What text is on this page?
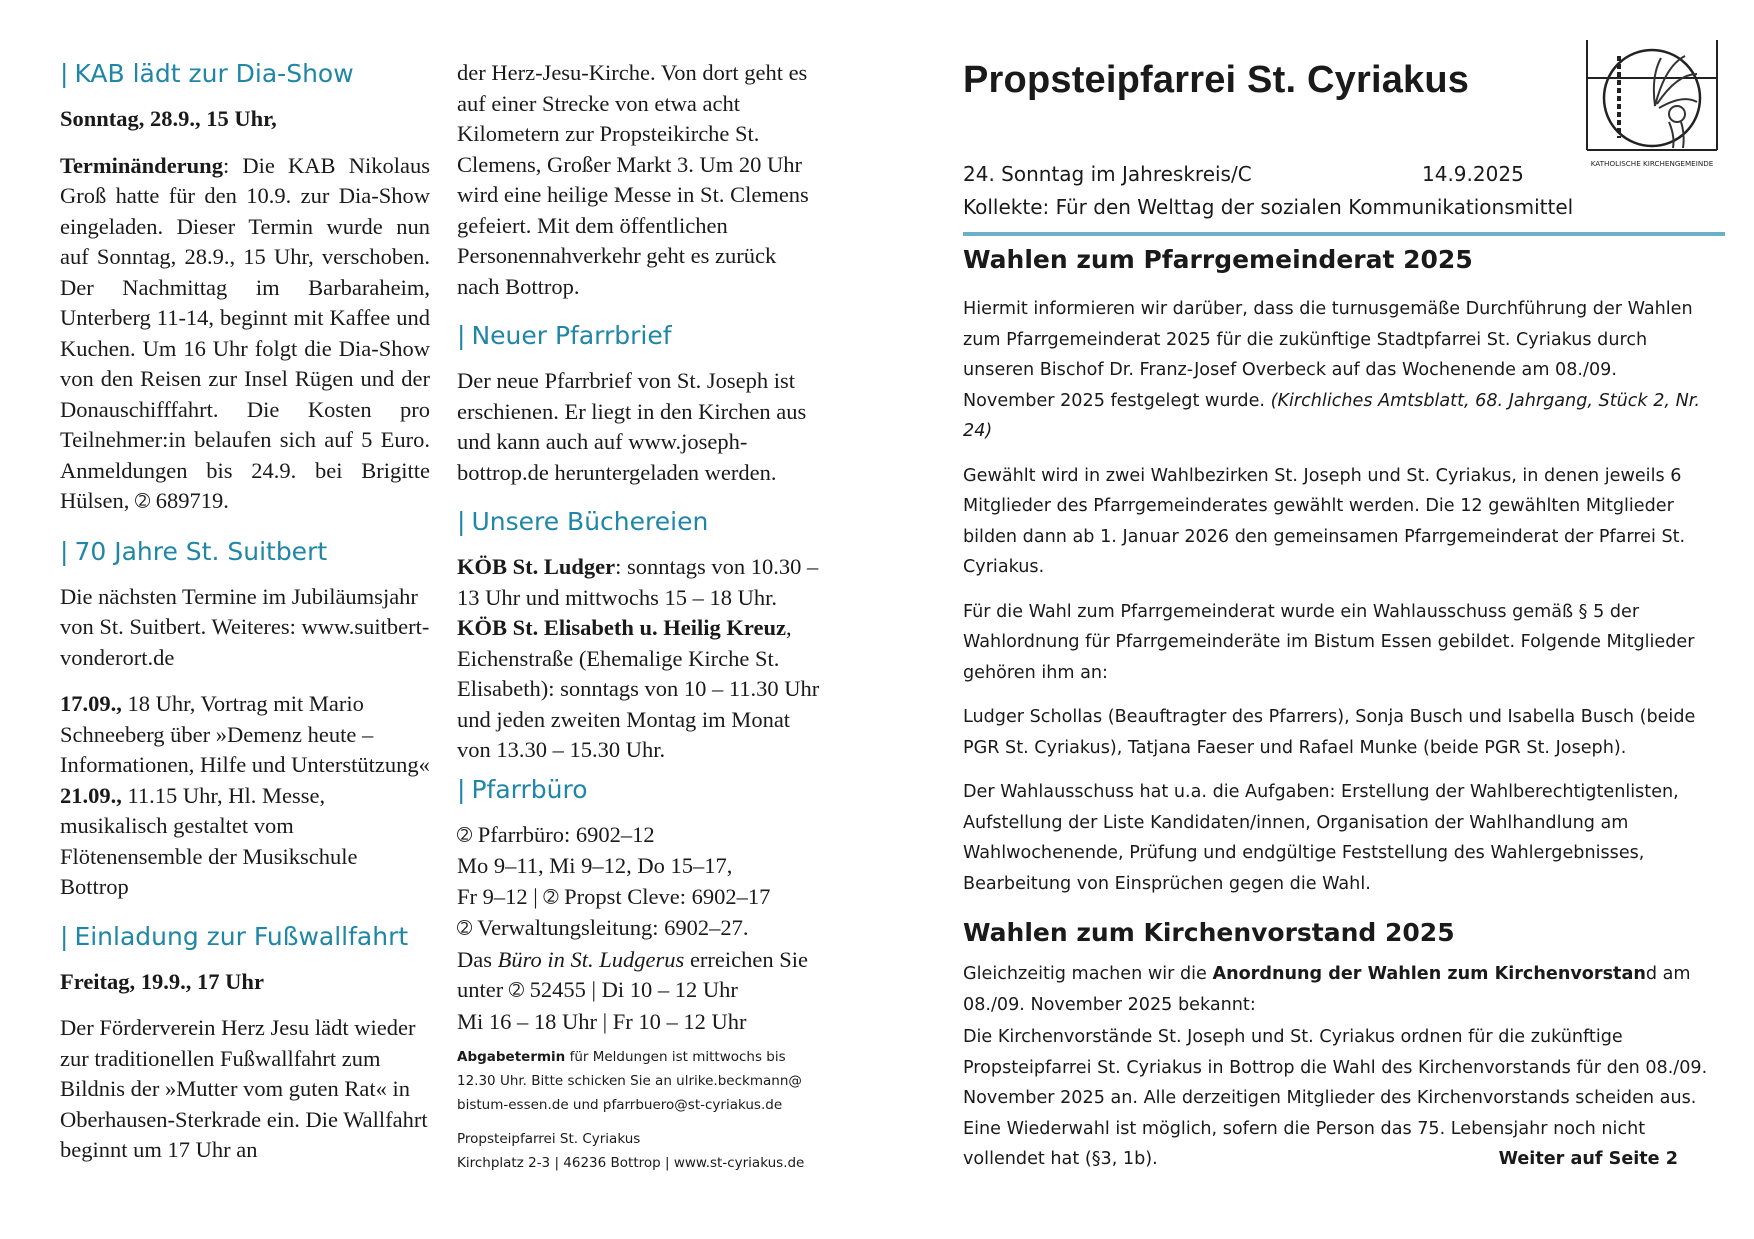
| KAB lädt zur Dia-Show

Sonntag, 28.9., 15 Uhr,

Terminänderung: Die KAB Nikolaus Groß hatte für den 10.9. zur Dia-Show eingeladen. Dieser Termin wurde nun auf Sonntag, 28.9., 15 Uhr, verschoben. Der Nachmittag im Barbaraheim, Unterberg 11-14, beginnt mit Kaffee und Kuchen. Um 16 Uhr folgt die Dia-Show von den Reisen zur Insel Rügen und der Donauschifffahrt. Die Kosten pro Teilnehmer:in belaufen sich auf 5 Euro. Anmeldungen bis 24.9. bei Brigitte Hülsen, ➁ 689719.

| 70 Jahre St. Suitbert

Die nächsten Termine im Jubiläumsjahr von St. Suitbert. Weiteres: www.suitbert-vonderort.de

17.09., 18 Uhr, Vortrag mit Mario Schneeberg über »Demenz heute – Informationen, Hilfe und Unterstützung«

21.09., 11.15 Uhr, Hl. Messe, musikalisch gestaltet vom Flötenensemble der Musikschule Bottrop

| Einladung zur Fußwallfahrt

Freitag, 19.9., 17 Uhr

Der Förderverein Herz Jesu lädt wieder zur traditionellen Fußwallfahrt zum Bildnis der »Mutter vom guten Rat« in Oberhausen-Sterkrade ein. Die Wallfahrt beginnt um 17 Uhr an

der Herz-Jesu-Kirche. Von dort geht es auf einer Strecke von etwa acht Kilometern zur Propsteikirche St. Clemens, Großer Markt 3. Um 20 Uhr wird eine heilige Messe in St. Clemens gefeiert. Mit dem öffentlichen Personennahverkehr geht es zurück nach Bottrop.

| Neuer Pfarrbrief

Der neue Pfarrbrief von St. Joseph ist erschienen. Er liegt in den Kirchen aus und kann auch auf www.joseph-bottrop.de heruntergeladen werden.

| Unsere Büchereien

KÖB St. Ludger: sonntags von 10.30 – 13 Uhr und mittwochs 15 – 18 Uhr.

KÖB St. Elisabeth u. Heilig Kreuz, Eichenstraße (Ehemalige Kirche St. Elisabeth): sonntags von 10 – 11.30 Uhr und jeden zweiten Montag im Monat von 13.30 – 15.30 Uhr.

| Pfarrbüro
➁ Pfarrbüro: 6902–12
Mo 9–11, Mi 9–12, Do 15–17,
Fr 9–12 | ➁ Propst Cleve: 6902–17
➁ Verwaltungsleitung: 6902–27.
Das Büro in St. Ludgerus erreichen Sie
unter ➁ 52455 | Di 10 – 12 Uhr
Mi 16 – 18 Uhr | Fr 10 – 12 Uhr

Abgabetermin für Meldungen ist mittwochs bis 12.30 Uhr. Bitte schicken Sie an ulrike.beckmann@ bistum-essen.de und pfarrbuero@st-cyriakus.de

Propsteipfarrei St. Cyriakus
Kirchplatz 2-3 | 46236 Bottrop | www.st-cyriakus.de
KATHOLISCHE KIRCHENGEMEINDE
Propsteipfarrei St. Cyriakus
24. Sonntag im Jahreskreis/C	14.9.2025
Kollekte: Für den Welttag der sozialen Kommunikationsmittel
Wahlen zum Pfarrgemeinderat 2025

Hiermit informieren wir darüber, dass die turnusgemäße Durchführung der Wahlen zum Pfarrgemeinderat 2025 für die zukünftige Stadtpfarrei St. Cyriakus durch unseren Bischof Dr. Franz-Josef Overbeck auf das Wochenende am 08./09. November 2025 festgelegt wurde. (Kirchliches Amtsblatt, 68. Jahrgang, Stück 2, Nr. 24)

Gewählt wird in zwei Wahlbezirken St. Joseph und St. Cyriakus, in denen jeweils 6 Mitglieder des Pfarrgemeinderates gewählt werden. Die 12 gewählten Mitglieder bilden dann ab 1. Januar 2026 den gemeinsamen Pfarrgemeinderat der Pfarrei St. Cyriakus.

Für die Wahl zum Pfarrgemeinderat wurde ein Wahlausschuss gemäß § 5 der Wahlordnung für Pfarrgemeinderäte im Bistum Essen gebildet. Folgende Mitglieder gehören ihm an:

Ludger Schollas (Beauftragter des Pfarrers), Sonja Busch und Isabella Busch (beide PGR St. Cyriakus), Tatjana Faeser und Rafael Munke (beide PGR St. Joseph).

Der Wahlausschuss hat u.a. die Aufgaben: Erstellung der Wahlberechtigtenlisten, Aufstellung der Liste Kandidaten/innen, Organisation der Wahlhandlung am Wahlwochenende, Prüfung und endgültige Feststellung des Wahlergebnisses, Bearbeitung von Einsprüchen gegen die Wahl.

Wahlen zum Kirchenvorstand 2025

Gleichzeitig machen wir die Anordnung der Wahlen zum Kirchenvorstand am 08./09. November 2025 bekannt:

Die Kirchenvorstände St. Joseph und St. Cyriakus ordnen für die zukünftige Propsteipfarrei St. Cyriakus in Bottrop die Wahl des Kirchenvorstands für den 08./09. November 2025 an. Alle derzeitigen Mitglieder des Kirchenvorstands scheiden aus. Eine Wiederwahl ist möglich, sofern die Person das 75. Lebensjahr noch nicht vollendet hat (§3, 1b).	Weiter auf Seite 2
